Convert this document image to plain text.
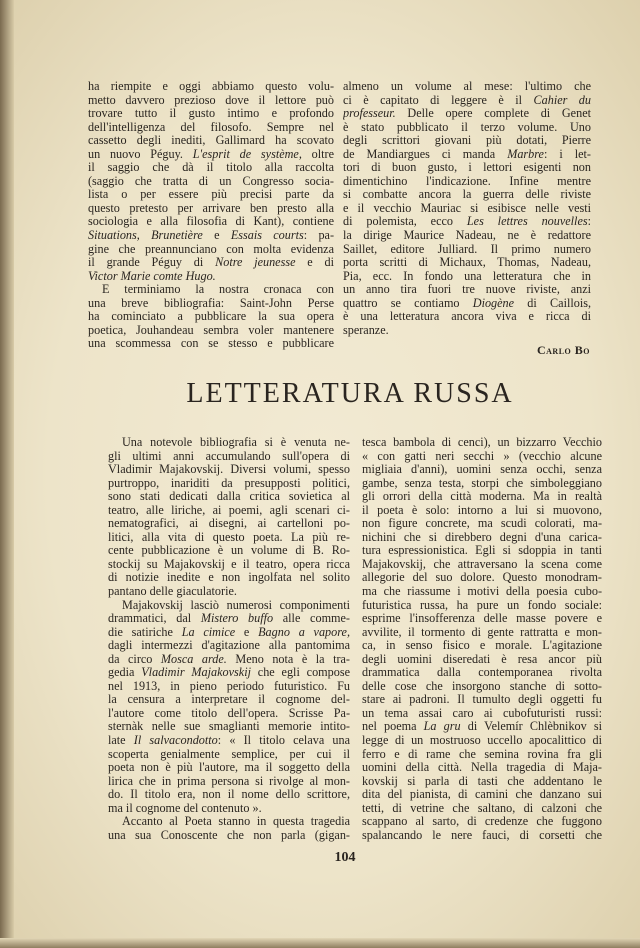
ha riempite e oggi abbiamo questo volu-
metto davvero prezioso dove il lettore può
trovare tutto il gusto intimo e profondo
dell'intelligenza del filosofo. Sempre nel
cassetto degli inediti, Gallimard ha scovato
un nuovo Péguy. L'esprit de système, oltre
il saggio che dà il titolo alla raccolta
(saggio che tratta di un Congresso socia-
lista o per essere più precisi parte da
questo pretesto per arrivare ben presto alla
sociologia e alla filosofia di Kant), contiene
Situations, Brunetière e Essais courts: pa-
gine che preannunciano con molta evidenza
il grande Péguy di Notre jeunesse e di
Victor Marie comte Hugo.
E terminiamo la nostra cronaca con
una breve bibliografia: Saint-John Perse
ha cominciato a pubblicare la sua opera
poetica, Jouhandeau sembra voler mantenere
una scommessa con se stesso e pubblicare
almeno un volume al mese: l'ultimo che
ci è capitato di leggere è il Cahier du
professeur. Delle opere complete di Genet
è stato pubblicato il terzo volume. Uno
degli scrittori giovani più dotati, Pierre
de Mandiargues ci manda Marbre: i let-
tori di buon gusto, i lettori esigenti non
dimentichino l'indicazione. Infine mentre
si combatte ancora la guerra delle riviste
e il vecchio Mauriac si esibisce nelle vesti
di polemista, ecco Les lettres nouvelles:
la dirige Maurice Nadeau, ne è redattore
Saillet, editore Julliard. Il primo numero
porta scritti di Michaux, Thomas, Nadeau,
Pia, ecc. In fondo una letteratura che in
un anno tira fuori tre nuove riviste, anzi
quattro se contiamo Diogène di Caillois,
è una letteratura ancora viva e ricca di
speranze.
Carlo Bo
LETTERATURA RUSSA
Una notevole bibliografia si è venuta ne-
gli ultimi anni accumulando sull'opera di
Vladimir Majakovskij. Diversi volumi, spesso
purtroppo, inariditi da presupposti politici,
sono stati dedicati dalla critica sovietica al
teatro, alle liriche, ai poemi, agli scenari ci-
nematografici, ai disegni, ai cartelloni po-
litici, alla vita di questo poeta. La più re-
cente pubblicazione è un volume di B. Ro-
stockij su Majakovskij e il teatro, opera ricca
di notizie inedite e non ingolfata nel solito
pantano delle giaculatorie.
Majakovskij lasciò numerosi componimenti
drammatici, dal Mistero buffo alle comme-
die satiriche La cimice e Bagno a vapore,
dagli intermezzi d'agitazione alla pantomima
da circo Mosca arde. Meno nota è la tra-
gedia Vladimir Majakovskij che egli compose
nel 1913, in pieno periodo futuristico. Fu
la censura a interpretare il cognome del-
l'autore come titolo dell'opera. Scrisse Pa-
sternàk nelle sue smaglianti memorie intito-
late Il salvacondotto: « Il titolo celava una
scoperta genialmente semplice, per cui il
poeta non è più l'autore, ma il soggetto della
lirica che in prima persona si rivolge al mon-
do. Il titolo era, non il nome dello scrittore,
ma il cognome del contenuto ».
Accanto al Poeta stanno in questa tragedia
una sua Conoscente che non parla (gigan-
tesca bambola di cenci), un bizzarro Vecchio
« con gatti neri secchi » (vecchio alcune
migliaia d'anni), uomini senza occhi, senza
gambe, senza testa, storpi che simboleggiano
gli orrori della città moderna. Ma in realtà
il poeta è solo: intorno a lui si muovono,
non figure concrete, ma scudi colorati, ma-
nichini che si direbbero degni d'una carica-
tura espressionistica. Egli si sdoppia in tanti
Majakovskij, che attraversano la scena come
allegorie del suo dolore. Questo monodram-
ma che riassume i motivi della poesia cubo-
futuristica russa, ha pure un fondo sociale:
esprime l'insofferenza delle masse povere e
avvilite, il tormento di gente rattratta e mon-
ca, in senso fisico e morale. L'agitazione
degli uomini diseredati è resa ancor più
drammatica dalla contemporanea rivolta
delle cose che insorgono stanche di sotto-
stare ai padroni. Il tumulto degli oggetti fu
un tema assai caro ai cubofuturisti russi:
nel poema La gru di Velemír Chlèbnikov si
legge di un mostruoso uccello apocalittico di
ferro e di rame che semina rovina fra gli
uomini della città. Nella tragedia di Maja-
kovskij si parla di tasti che addentano le
dita del pianista, di camini che danzano sui
tetti, di vetrine che saltano, di calzoni che
scappano al sarto, di credenze che fuggono
spalancando le nere fauci, di corsetti che
104
